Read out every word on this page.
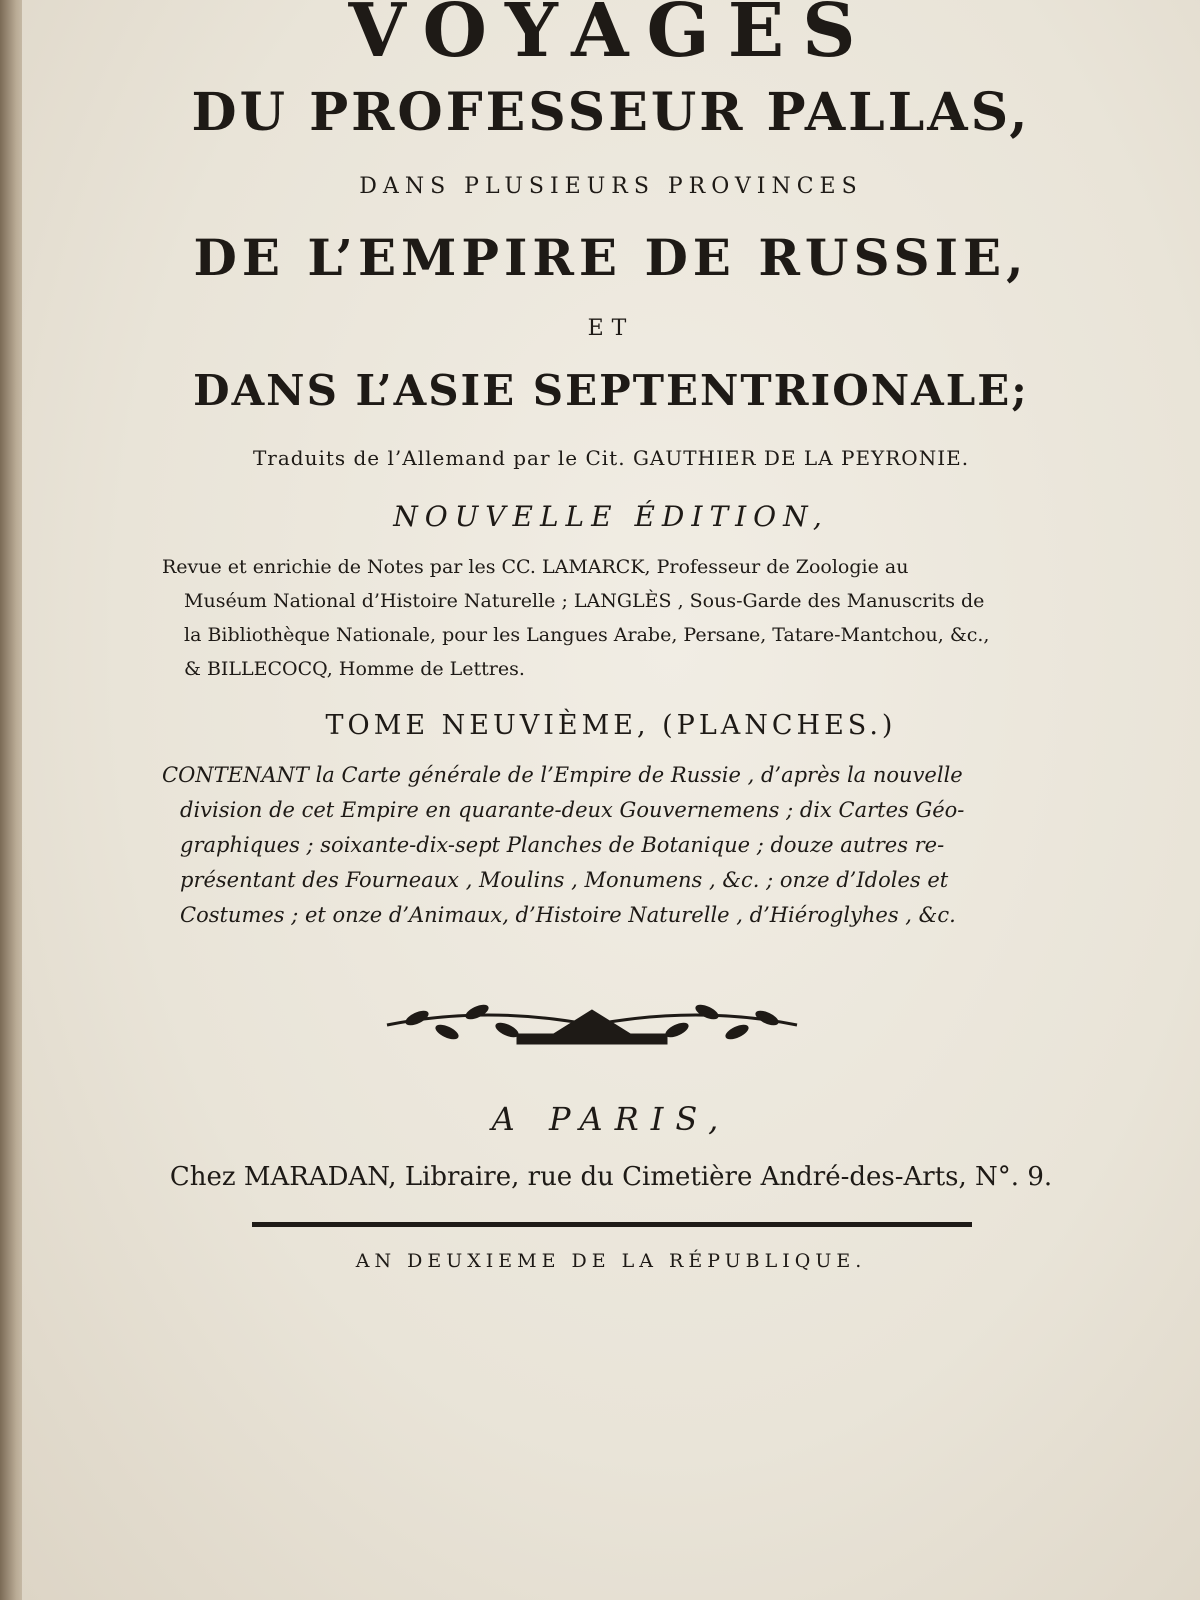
VOYAGES
DU PROFESSEUR PALLAS,
DANS PLUSIEURS PROVINCES
DE L’EMPIRE DE RUSSIE,
ET
DANS L’ASIE SEPTENTRIONALE;
Traduits de l’Allemand par le Cit. GAUTHIER DE LA PEYRONIE.
NOUVELLE ÉDITION,
Revue et enrichie de Notes par les CC. LAMARCK, Professeur de Zoologie au
Muséum National d’Histoire Naturelle ; LANGLÈS , Sous-Garde des Manuscrits de
la Bibliothèque Nationale, pour les Langues Arabe, Persane, Tatare-Mantchou, &c.,
& BILLECOCQ, Homme de Lettres.
TOME NEUVIÈME, (PLANCHES.)
CONTENANT la Carte générale de l’Empire de Russie , d’après la nouvelle
division de cet Empire en quarante-deux Gouvernemens ; dix Cartes Géo-
graphiques ; soixante-dix-sept Planches de Botanique ; douze autres re-
présentant des Fourneaux , Moulins , Monumens , &c. ; onze d’Idoles et
Costumes ; et onze d’Animaux, d’Histoire Naturelle , d’Hiéroglyhes , &c.
A PARIS,
Chez MARADAN, Libraire, rue du Cimetière André-des-Arts, N°. 9.
AN DEUXIEME DE LA RÉPUBLIQUE.
